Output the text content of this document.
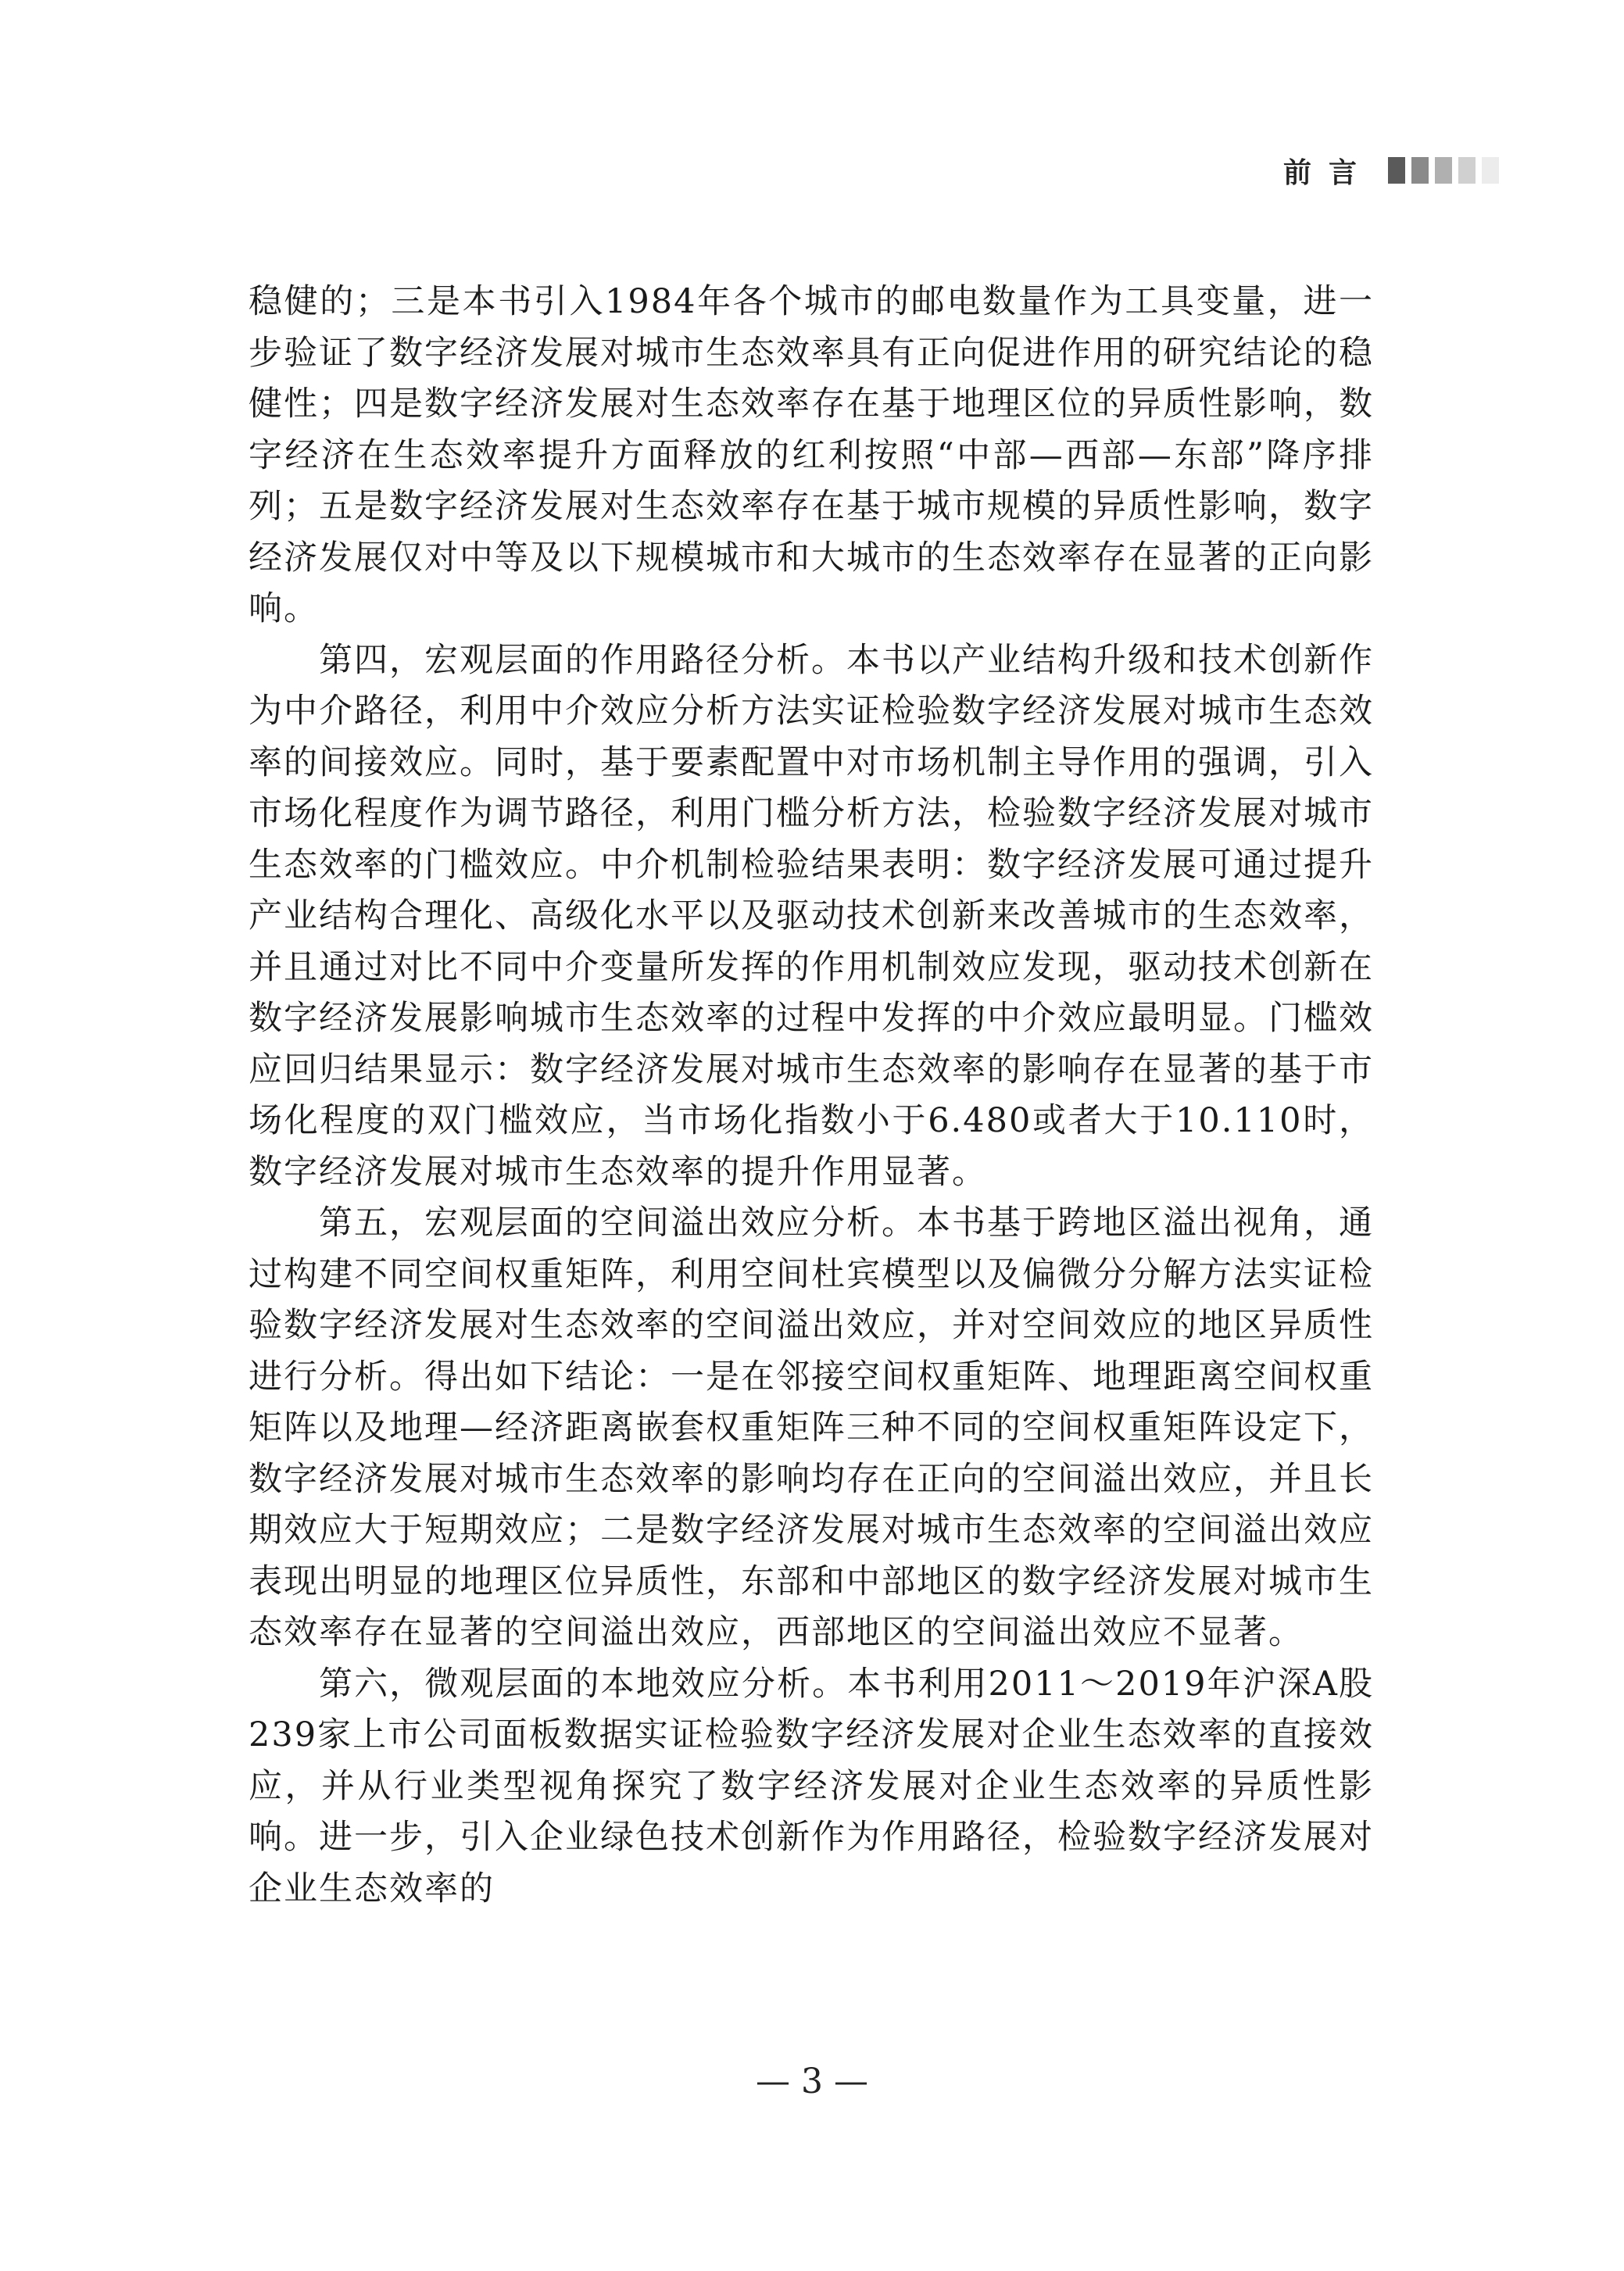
前言

稳健的；三是本书引入1984年各个城市的邮电数量作为工具变量，进一步验证了数字经济发展对城市生态效率具有正向促进作用的研究结论的稳健性；四是数字经济发展对生态效率存在基于地理区位的异质性影响，数字经济在生态效率提升方面释放的红利按照“中部—西部—东部”降序排列；五是数字经济发展对生态效率存在基于城市规模的异质性影响，数字经济发展仅对中等及以下规模城市和大城市的生态效率存在显著的正向影响。

第四，宏观层面的作用路径分析。本书以产业结构升级和技术创新作为中介路径，利用中介效应分析方法实证检验数字经济发展对城市生态效率的间接效应。同时，基于要素配置中对市场机制主导作用的强调，引入市场化程度作为调节路径，利用门槛分析方法，检验数字经济发展对城市生态效率的门槛效应。中介机制检验结果表明：数字经济发展可通过提升产业结构合理化、高级化水平以及驱动技术创新来改善城市的生态效率，并且通过对比不同中介变量所发挥的作用机制效应发现，驱动技术创新在数字经济发展影响城市生态效率的过程中发挥的中介效应最明显。门槛效应回归结果显示：数字经济发展对城市生态效率的影响存在显著的基于市场化程度的双门槛效应，当市场化指数小于6.480或者大于10.110时，数字经济发展对城市生态效率的提升作用显著。

第五，宏观层面的空间溢出效应分析。本书基于跨地区溢出视角，通过构建不同空间权重矩阵，利用空间杜宾模型以及偏微分分解方法实证检验数字经济发展对生态效率的空间溢出效应，并对空间效应的地区异质性进行分析。得出如下结论：一是在邻接空间权重矩阵、地理距离空间权重矩阵以及地理—经济距离嵌套权重矩阵三种不同的空间权重矩阵设定下，数字经济发展对城市生态效率的影响均存在正向的空间溢出效应，并且长期效应大于短期效应；二是数字经济发展对城市生态效率的空间溢出效应表现出明显的地理区位异质性，东部和中部地区的数字经济发展对城市生态效率存在显著的空间溢出效应，西部地区的空间溢出效应不显著。

第六，微观层面的本地效应分析。本书利用2011～2019年沪深A股239家上市公司面板数据实证检验数字经济发展对企业生态效率的直接效应，并从行业类型视角探究了数字经济发展对企业生态效率的异质性影响。进一步，引入企业绿色技术创新作为作用路径，检验数字经济发展对企业生态效率的

— 3 —
